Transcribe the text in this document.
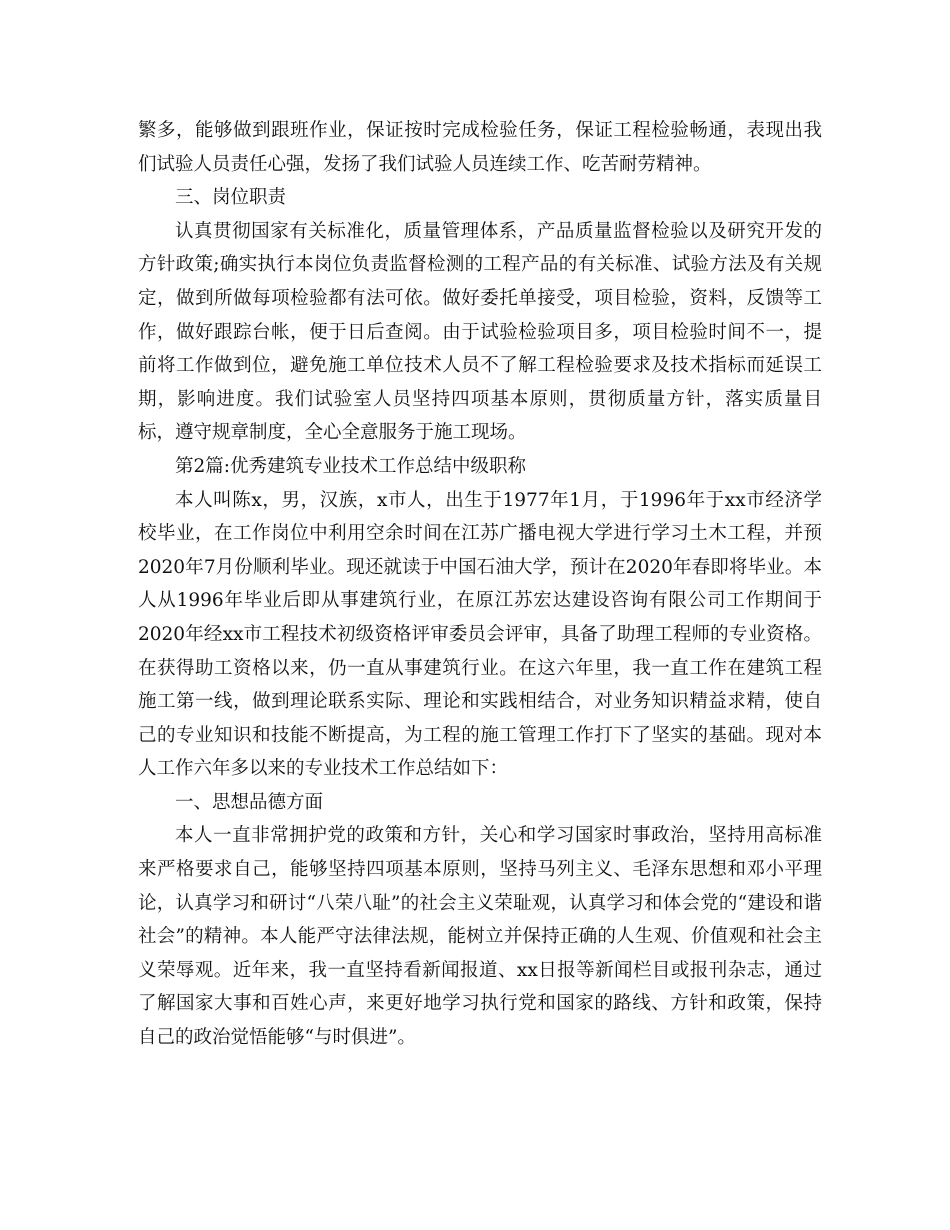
繁多，能够做到跟班作业，保证按时完成检验任务，保证工程检验畅通，表现出我们试验人员责任心强，发扬了我们试验人员连续工作、吃苦耐劳精神。

三、岗位职责

认真贯彻国家有关标准化，质量管理体系，产品质量监督检验以及研究开发的方针政策;确实执行本岗位负责监督检测的工程产品的有关标准、试验方法及有关规定，做到所做每项检验都有法可依。做好委托单接受，项目检验，资料，反馈等工作，做好跟踪台帐，便于日后查阅。由于试验检验项目多，项目检验时间不一，提前将工作做到位，避免施工单位技术人员不了解工程检验要求及技术指标而延误工期，影响进度。我们试验室人员坚持四项基本原则，贯彻质量方针，落实质量目标，遵守规章制度，全心全意服务于施工现场。

第2篇:优秀建筑专业技术工作总结中级职称

本人叫陈x，男，汉族，x市人，出生于1977年1月，于1996年于xx市经济学校毕业，在工作岗位中利用空余时间在江苏广播电视大学进行学习土木工程，并预2020年7月份顺利毕业。现还就读于中国石油大学，预计在2020年春即将毕业。本人从1996年毕业后即从事建筑行业，在原江苏宏达建设咨询有限公司工作期间于2020年经xx市工程技术初级资格评审委员会评审，具备了助理工程师的专业资格。在获得助工资格以来，仍一直从事建筑行业。在这六年里，我一直工作在建筑工程施工第一线，做到理论联系实际、理论和实践相结合，对业务知识精益求精，使自己的专业知识和技能不断提高，为工程的施工管理工作打下了坚实的基础。现对本人工作六年多以来的专业技术工作总结如下：

一、思想品德方面

本人一直非常拥护党的政策和方针，关心和学习国家时事政治，坚持用高标准来严格要求自己，能够坚持四项基本原则，坚持马列主义、毛泽东思想和邓小平理论，认真学习和研讨“八荣八耻”的社会主义荣耻观，认真学习和体会党的“建设和谐社会”的精神。本人能严守法律法规，能树立并保持正确的人生观、价值观和社会主义荣辱观。近年来，我一直坚持看新闻报道、xx日报等新闻栏目或报刊杂志，通过了解国家大事和百姓心声，来更好地学习执行党和国家的路线、方针和政策，保持自己的政治觉悟能够“与时俱进”。
